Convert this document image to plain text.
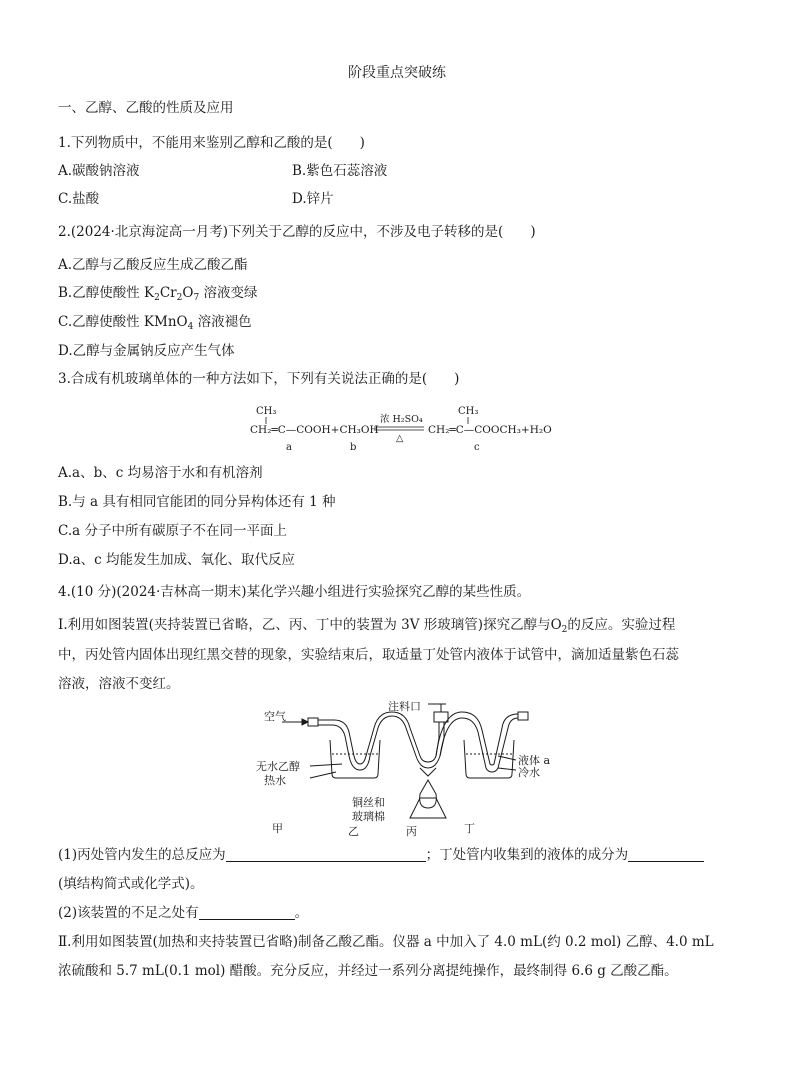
阶段重点突破练
一、乙醇、乙酸的性质及应用
1.下列物质中，不能用来鉴别乙醇和乙酸的是(　　)
A.碳酸钠溶液	B.紫色石蕊溶液
C.盐酸	D.锌片
2.(2024·北京海淀高一月考)下列关于乙醇的反应中，不涉及电子转移的是(　　)
A.乙醇与乙酸反应生成乙酸乙酯
B.乙醇使酸性 $K_2Cr_2O_7$ 溶液变绿
C.乙醇使酸性 KMnO$_4$ 溶液褪色
D.乙醇与金属钠反应产生气体
3.合成有机玻璃单体的一种方法如下，下列有关说法正确的是(　　)
CH₃
CH₂═C—COOH+CH₃OH
a	b
浓 H₂SO₄
△
CH₃
CH₂═C—COOCH₃+H₂O
c
A.a、b、c 均易溶于水和有机溶剂
B.与 a 具有相同官能团的同分异构体还有 1 种
C.a 分子中所有碳原子不在同一平面上
D.a、c 均能发生加成、氧化、取代反应
4.(10 分)(2024·吉林高一期末)某化学兴趣小组进行实验探究乙醇的某些性质。
Ⅰ.利用如图装置(夹持装置已省略，乙、丙、丁中的装置为 3V 形玻璃管)探究乙醇与$O_2$的反应。实验过程
中，丙处管内固体出现红黑交替的现象，实验结束后，取适量丁处管内液体于试管中，滴加适量紫色石蕊
溶液，溶液不变红。
空气
注料口
无水乙醇
热水
液体 a
冷水
铜丝和
玻璃棉
甲	乙	丙	丁
(1)丙处管内发生的总反应为	；丁处管内收集到的液体的成分为
(填结构简式或化学式)。
(2)该装置的不足之处有	。
Ⅱ.利用如图装置(加热和夹持装置已省略)制备乙酸乙酯。仪器 a 中加入了 4.0 mL(约 0.2 mol) 乙醇、4.0 mL
浓硫酸和 5.7 mL(0.1 mol) 醋酸。充分反应，并经过一系列分离提纯操作，最终制得 6.6 g 乙酸乙酯。
